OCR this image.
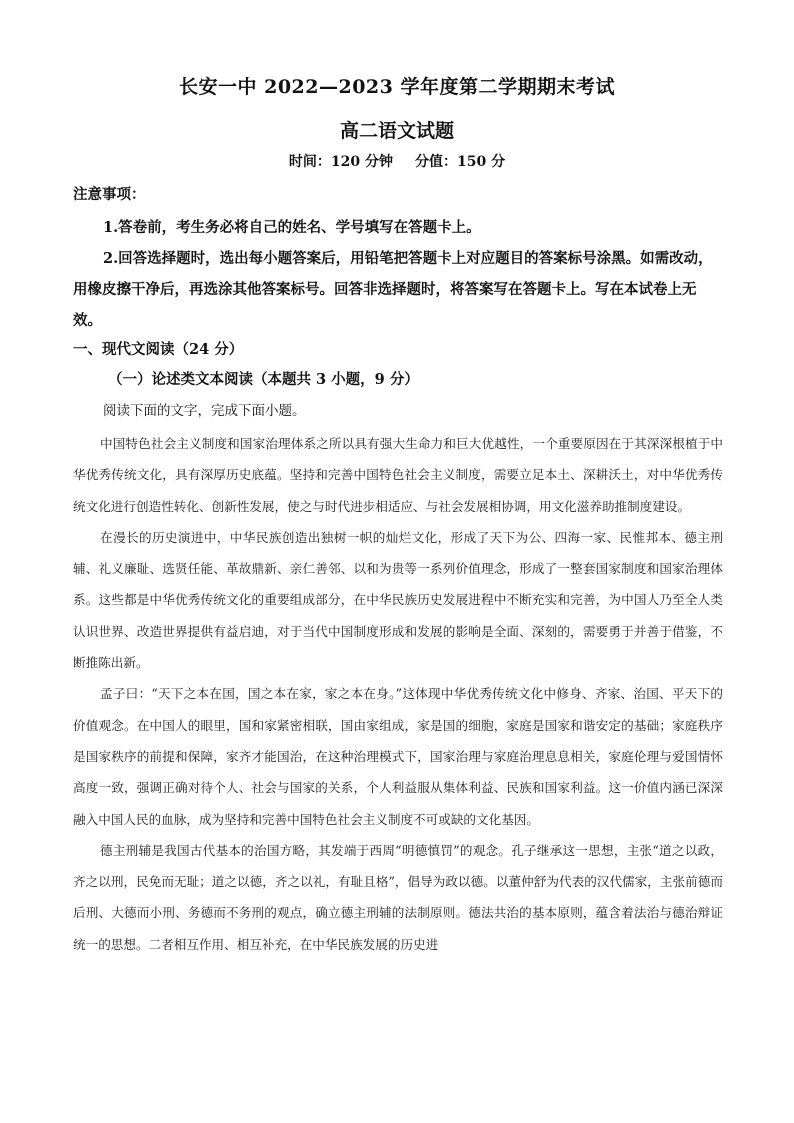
长安一中 2022—2023 学年度第二学期期末考试
高二语文试题
时间：120 分钟 分值：150 分
注意事项：

1.答卷前，考生务必将自己的姓名、学号填写在答题卡上。

2.回答选择题时，选出每小题答案后，用铅笔把答题卡上对应题目的答案标号涂黑。如需改动，用橡皮擦干净后，再选涂其他答案标号。回答非选择题时，将答案写在答题卡上。写在本试卷上无效。

一、现代文阅读（24 分）
（一）论述类文本阅读（本题共 3 小题，9 分）
阅读下面的文字，完成下面小题。

中国特色社会主义制度和国家治理体系之所以具有强大生命力和巨大优越性，一个重要原因在于其深深根植于中华优秀传统文化，具有深厚历史底蕴。坚持和完善中国特色社会主义制度，需要立足本土、深耕沃土，对中华优秀传统文化进行创造性转化、创新性发展，使之与时代进步相适应、与社会发展相协调，用文化滋养助推制度建设。

在漫长的历史演进中，中华民族创造出独树一帜的灿烂文化，形成了天下为公、四海一家、民惟邦本、德主刑辅、礼义廉耻、选贤任能、革故鼎新、亲仁善邻、以和为贵等一系列价值理念，形成了一整套国家制度和国家治理体系。这些都是中华优秀传统文化的重要组成部分，在中华民族历史发展进程中不断充实和完善，为中国人乃至全人类认识世界、改造世界提供有益启迪，对于当代中国制度形成和发展的影响是全面、深刻的，需要勇于并善于借鉴，不断推陈出新。

孟子曰：“天下之本在国，国之本在家，家之本在身。”这体现中华优秀传统文化中修身、齐家、治国、平天下的价值观念。在中国人的眼里，国和家紧密相联，国由家组成，家是国的细胞，家庭是国家和谐安定的基础；家庭秩序是国家秩序的前提和保障，家齐才能国治，在这种治理模式下，国家治理与家庭治理息息相关，家庭伦理与爱国情怀高度一致，强调正确对待个人、社会与国家的关系，个人利益服从集体利益、民族和国家利益。这一价值内涵已深深融入中国人民的血脉，成为坚持和完善中国特色社会主义制度不可或缺的文化基因。

德主刑辅是我国古代基本的治国方略，其发端于西周“明德慎罚”的观念。孔子继承这一思想，主张“道之以政，齐之以刑，民免而无耻；道之以德，齐之以礼，有耻且格”，倡导为政以德。以董仲舒为代表的汉代儒家，主张前德而后刑、大德而小刑、务德而不务刑的观点，确立德主刑辅的法制原则。德法共治的基本原则，蕴含着法治与德治辩证统一的思想。二者相互作用、相互补充，在中华民族发展的历史进
